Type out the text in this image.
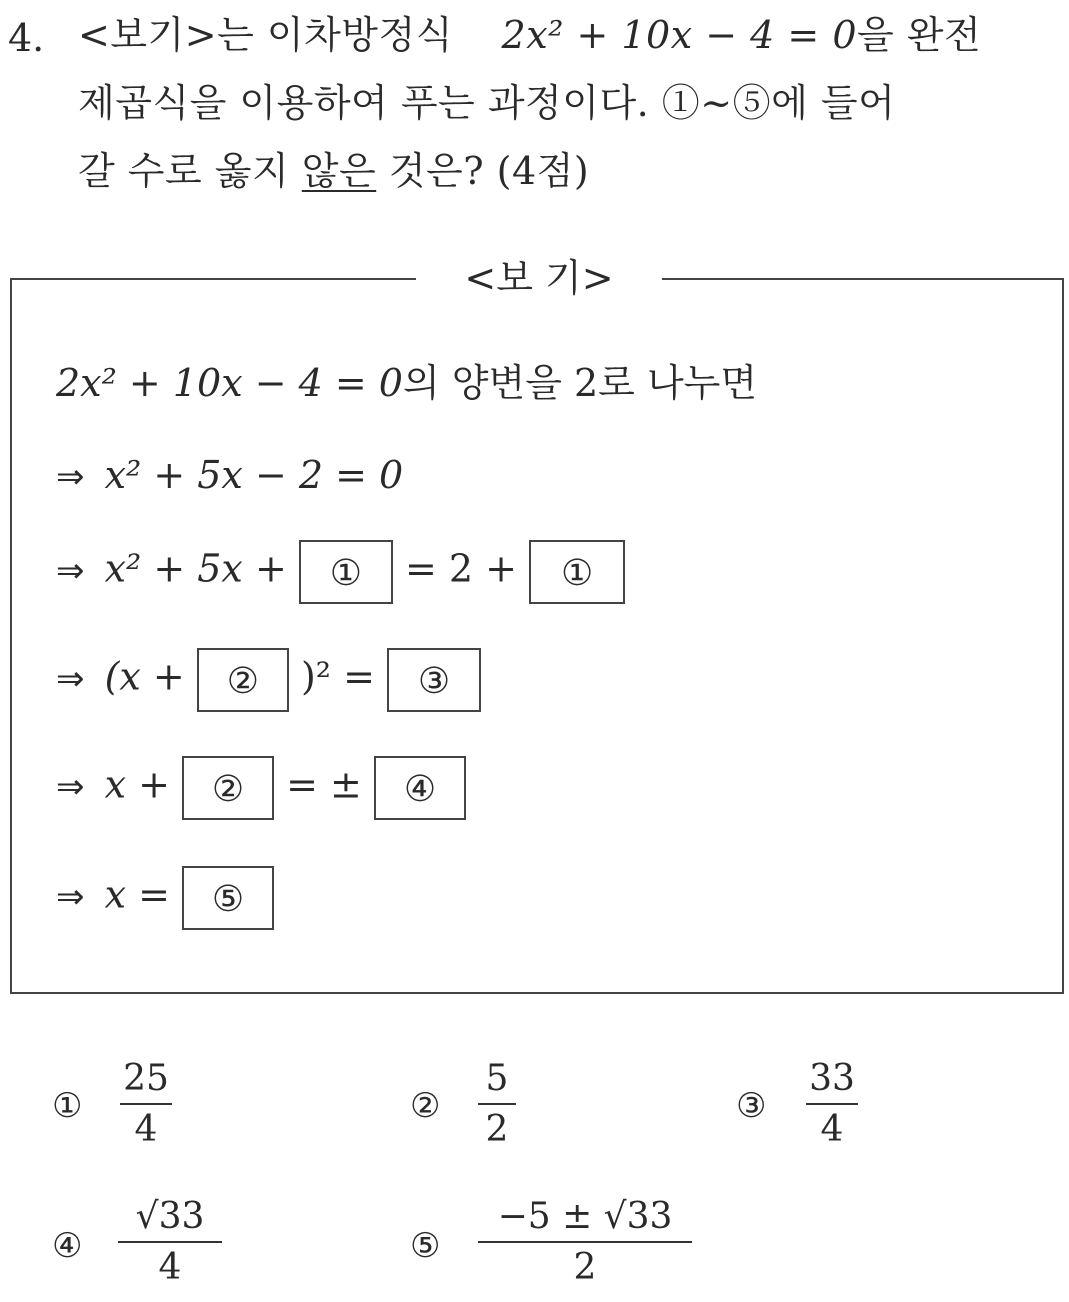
4. <보기>는 이차방정식 2x² + 10x − 4 = 0을 완전
제곱식을 이용하여 푸는 과정이다. ①~⑤에 들어
갈 수로 옳지 않은 것은? (4점)
<보 기>
2x² + 10x − 4 = 0의 양변을 2로 나누면
⇒ x² + 5x − 2 = 0
⇒ x² + 5x + ① = 2 + ①
⇒ (x + ② )² = ③
⇒ x + ② = ± ④
⇒ x = ⑤
①
25
4
②
5
2
③
33
4
④
√33
4
⑤
−5 ± √33
2
